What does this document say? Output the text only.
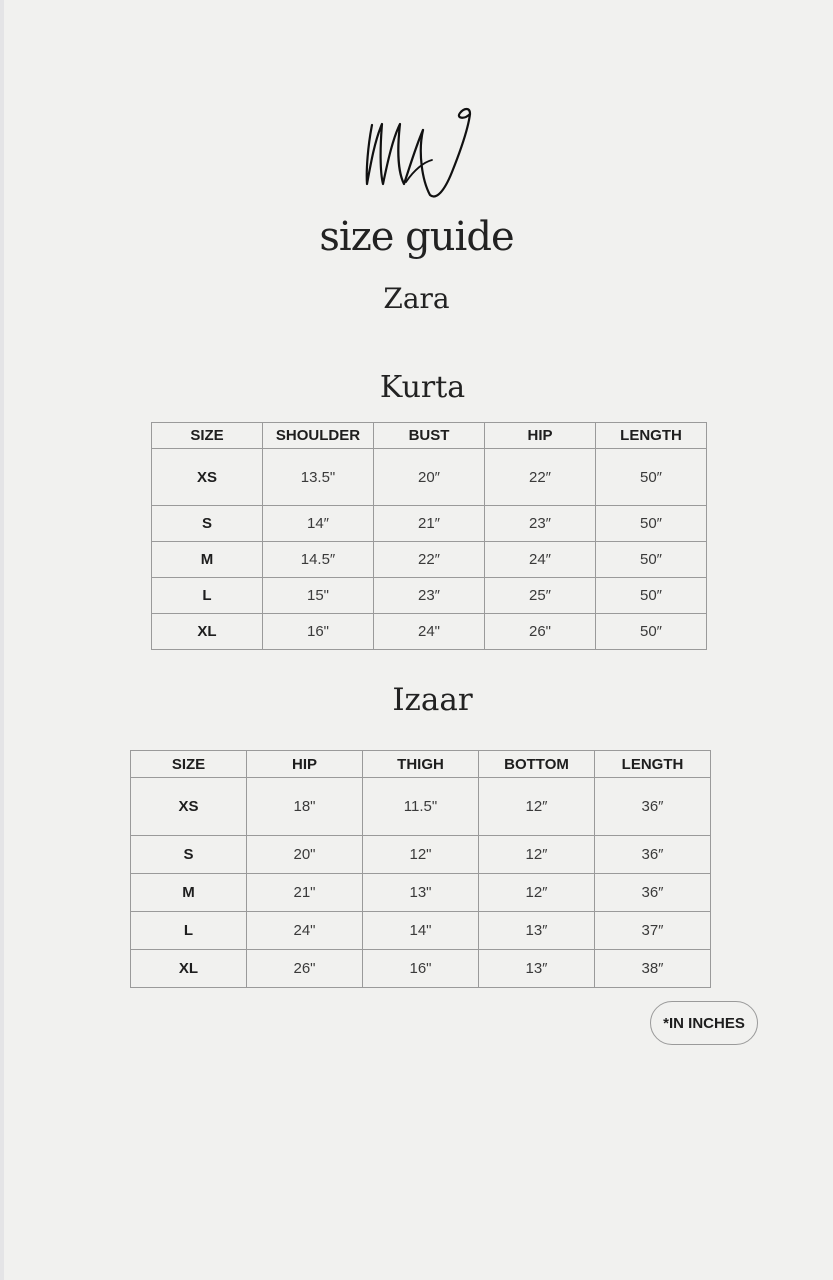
size guide
Zara
Kurta
SIZE	SHOULDER	BUST	HIP	LENGTH
XS	13.5"	20″	22″	50″
S	14″	21″	23″	50″
M	14.5″	22″	24″	50″
L	15"	23″	25″	50″
XL	16"	24"	26"	50″
Izaar
SIZE	HIP	THIGH	BOTTOM	LENGTH
XS	18"	11.5"	12″	36″
S	20"	12"	12″	36″
M	21"	13"	12″	36″
L	24"	14"	13″	37″
XL	26"	16"	13″	38″
*IN INCHES
